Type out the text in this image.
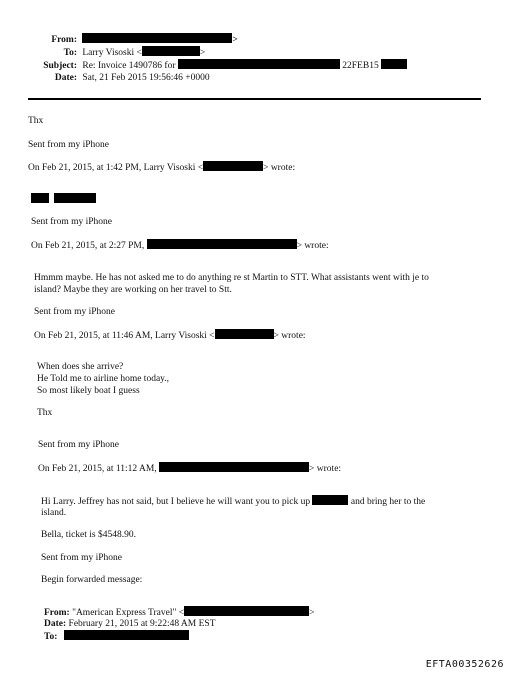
From:	>
To: Larry Visoski <	>
Subject: Re: Invoice 1490786 for	22FEB15
Date: Sat, 21 Feb 2015 19:56:46 +0000
Thx
Sent from my iPhone
On Feb 21, 2015, at 1:42 PM, Larry Visoski <	> wrote:
Sent from my iPhone
On Feb 21, 2015, at 2:27 PM,	> wrote:
Hmmm maybe. He has not asked me to do anything re st Martin to STT. What assistants went with je to
island? Maybe they are working on her travel to Stt.
Sent from my iPhone
On Feb 21, 2015, at 11:46 AM, Larry Visoski <	> wrote:
When does she arrive?
He Told me to airline home today.,
So most likely boat I guess
Thx
Sent from my iPhone
On Feb 21, 2015, at 11:12 AM,	> wrote:
Hi Larry. Jeffrey has not said, but I believe he will want you to pick up	and bring her to the
island.
Bella, ticket is $4548.90.
Sent from my iPhone
Begin forwarded message:
From: "American Express Travel" <	>
Date: February 21, 2015 at 9:22:48 AM EST
To:
EFTA00352626
